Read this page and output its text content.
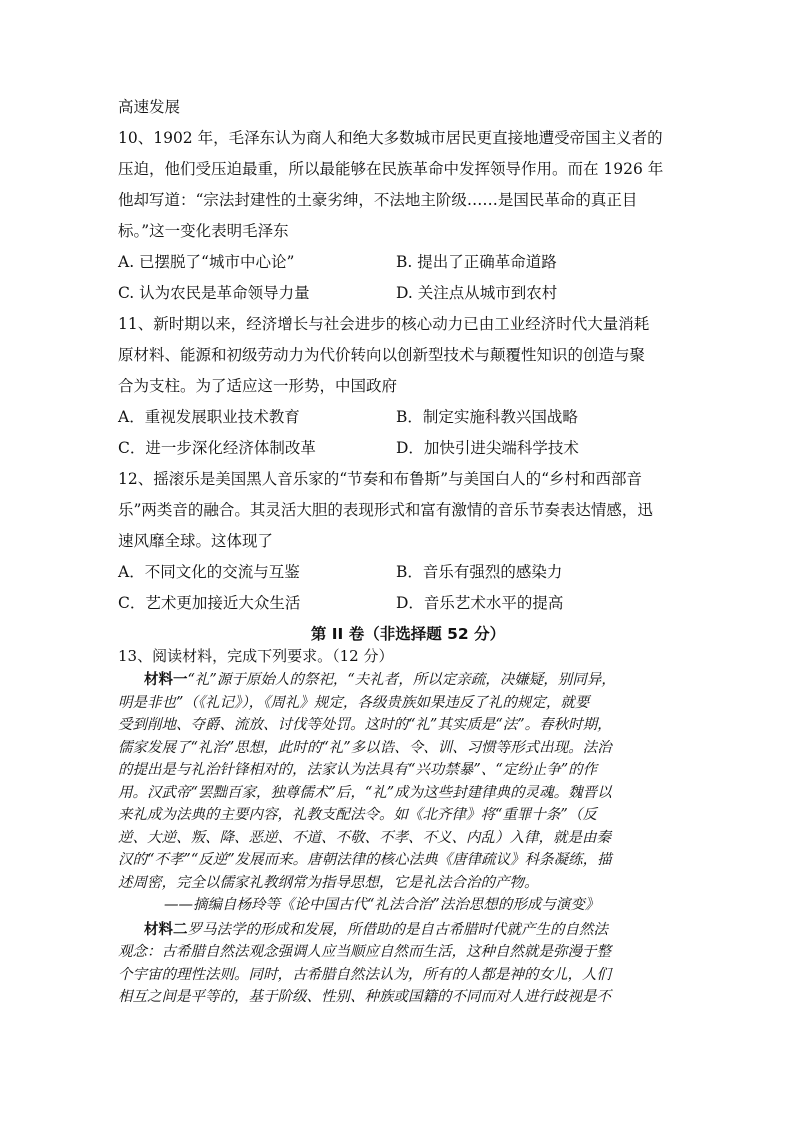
高速发展
10、1902 年，毛泽东认为商人和绝大多数城市居民更直接地遭受帝国主义者的
压迫，他们受压迫最重，所以最能够在民族革命中发挥领导作用。而在 1926 年
他却写道：“宗法封建性的土豪劣绅，不法地主阶级……是国民革命的真正目
标。”这一变化表明毛泽东
A. 已摆脱了“城市中心论”	B. 提出了正确革命道路
C. 认为农民是革命领导力量	D. 关注点从城市到农村
11、新时期以来，经济增长与社会进步的核心动力已由工业经济时代大量消耗
原材料、能源和初级劳动力为代价转向以创新型技术与颠覆性知识的创造与聚
合为支柱。为了适应这一形势，中国政府
A．重视发展职业技术教育	B．制定实施科教兴国战略
C．进一步深化经济体制改革	D．加快引进尖端科学技术
12、摇滚乐是美国黑人音乐家的“节奏和布鲁斯”与美国白人的“乡村和西部音
乐”两类音的融合。其灵活大胆的表现形式和富有激情的音乐节奏表达情感，迅
速风靡全球。这体现了
A．不同文化的交流与互鉴	B．音乐有强烈的感染力
C．艺术更加接近大众生活	D．音乐艺术水平的提高
第 II 卷（非选择题 52 分）
13、阅读材料，完成下列要求。（12 分）
材料一“礼”源于原始人的祭祀，“夫礼者，所以定亲疏，决嫌疑，别同异，
明是非也”（《礼记》），《周礼》规定，各级贵族如果违反了礼的规定，就要
受到削地、夺爵、流放、讨伐等处罚。这时的“礼”其实质是“法”。春秋时期，
儒家发展了“礼治”思想，此时的“礼”多以诰、令、训、习惯等形式出现。法治
的提出是与礼治针锋相对的，法家认为法具有“兴功禁暴”、“定纷止争”的作
用。汉武帝“罢黜百家，独尊儒术”后，“礼”成为这些封建律典的灵魂。魏晋以
来礼成为法典的主要内容，礼教支配法令。如《北齐律》将“重罪十条”（反
逆、大逆、叛、降、恶逆、不道、不敬、不孝、不义、内乱）入律，就是由秦
汉的“不孝”“反逆”发展而来。唐朝法律的核心法典《唐律疏议》科条凝练，描
述周密，完全以儒家礼教纲常为指导思想，它是礼法合治的产物。
——摘编自杨玲等《论中国古代“礼法合治”法治思想的形成与演变》
材料二罗马法学的形成和发展，所借助的是自古希腊时代就产生的自然法
观念：古希腊自然法观念强调人应当顺应自然而生活，这种自然就是弥漫于整
个宇宙的理性法则。同时，古希腊自然法认为，所有的人都是神的女儿，人们
相互之间是平等的，基于阶级、性别、种族或国籍的不同而对人进行歧视是不
